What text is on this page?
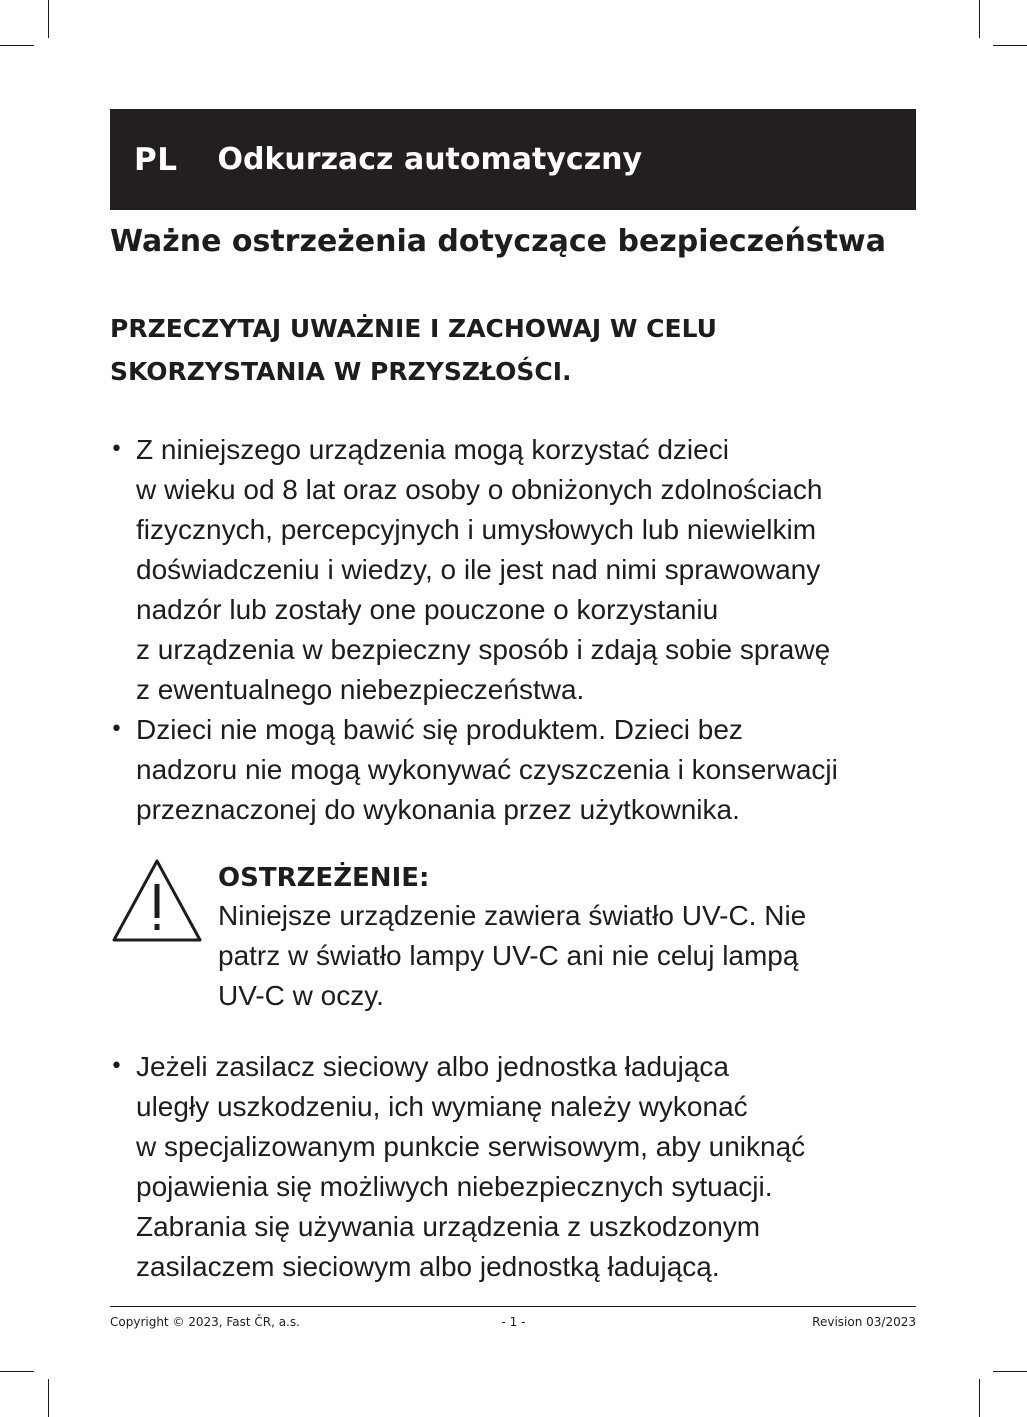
PL Odkurzacz automatyczny
Ważne ostrzeżenia dotyczące bezpieczeństwa

PRZECZYTAJ UWAŻNIE I ZACHOWAJ W CELU
SKORZYSTANIA W PRZYSZŁOŚCI.

• Z niniejszego urządzenia mogą korzystać dzieci
w wieku od 8 lat oraz osoby o obniżonych zdolnościach
fizycznych, percepcyjnych i umysłowych lub niewielkim
doświadczeniu i wiedzy, o ile jest nad nimi sprawowany
nadzór lub zostały one pouczone o korzystaniu
z urządzenia w bezpieczny sposób i zdają sobie sprawę
z ewentualnego niebezpieczeństwa.
• Dzieci nie mogą bawić się produktem. Dzieci bez
nadzoru nie mogą wykonywać czyszczenia i konserwacji
przeznaczonej do wykonania przez użytkownika.
OSTRZEŻENIE:
Niniejsze urządzenie zawiera światło UV-C. Nie
patrz w światło lampy UV-C ani nie celuj lampą
UV-C w oczy.
• Jeżeli zasilacz sieciowy albo jednostka ładująca
uległy uszkodzeniu, ich wymianę należy wykonać
w specjalizowanym punkcie serwisowym, aby uniknąć
pojawienia się możliwych niebezpiecznych sytuacji.
Zabrania się używania urządzenia z uszkodzonym
zasilaczem sieciowym albo jednostką ładującą.
Copyright © 2023, Fast ČR, a.s.	- 1 -	Revision 03/2023
